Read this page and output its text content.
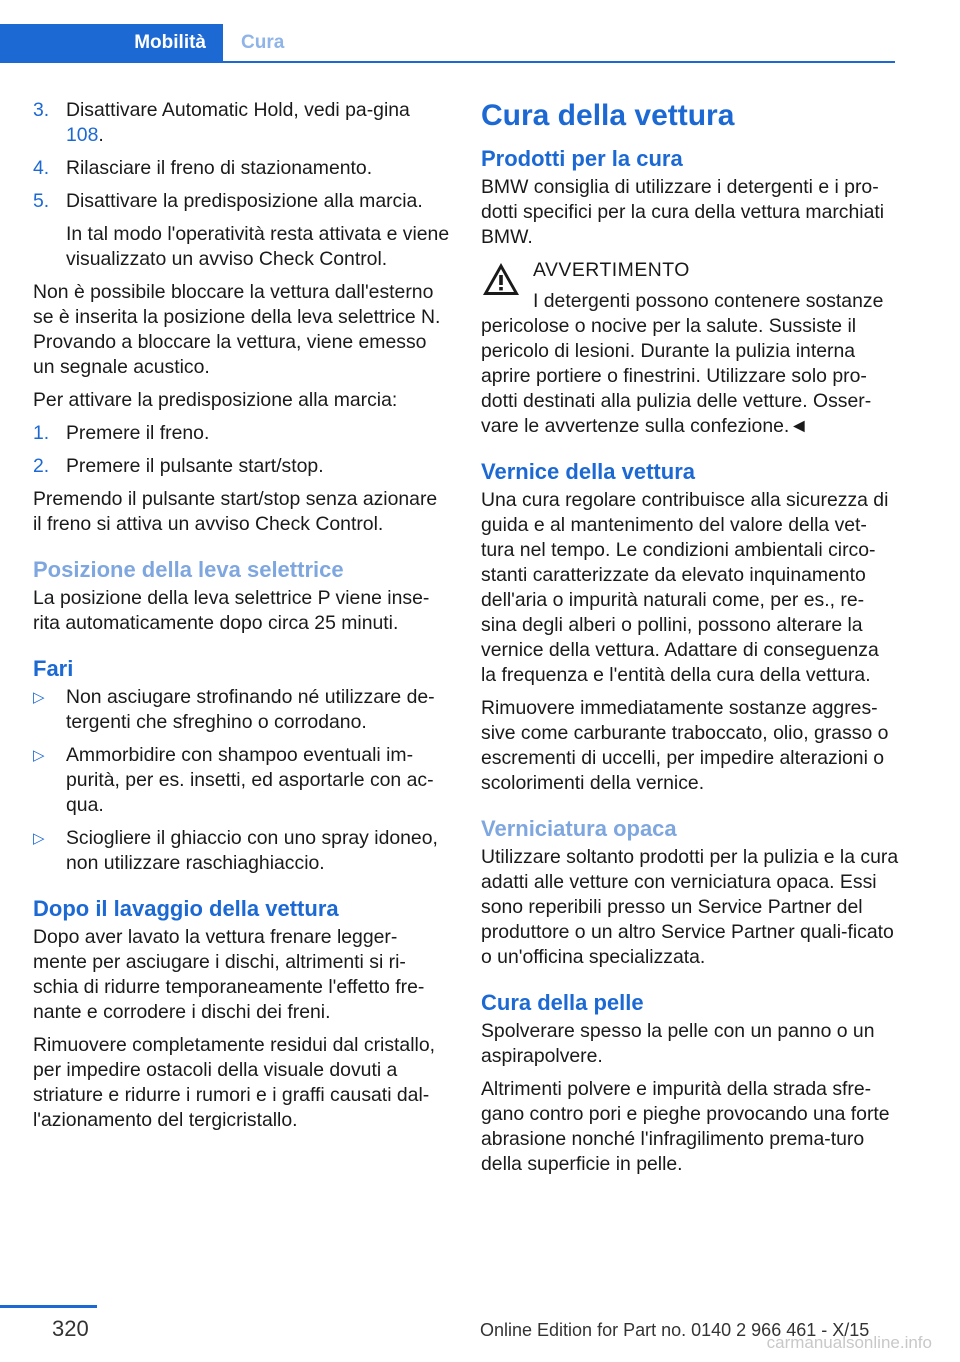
Mobilità	Cura
3. Disattivare Automatic Hold, vedi pa-gina 108.
4. Rilasciare il freno di stazionamento.
5. Disattivare la predisposizione alla marcia.
In tal modo l'operatività resta attivata e viene visualizzato un avviso Check Control.

Non è possibile bloccare la vettura dall'esterno se è inserita la posizione della leva selettrice N. Provando a bloccare la vettura, viene emesso un segnale acustico.

Per attivare la predisposizione alla marcia:

1. Premere il freno.
2. Premere il pulsante start/stop.

Premendo il pulsante start/stop senza azionare il freno si attiva un avviso Check Control.

Posizione della leva selettrice

La posizione della leva selettrice P viene inse-rita automaticamente dopo circa 25 minuti.

Fari
▷ Non asciugare strofinando né utilizzare de-tergenti che sfreghino o corrodano.
▷ Ammorbidire con shampoo eventuali im-purità, per es. insetti, ed asportarle con ac-qua.
▷ Sciogliere il ghiaccio con uno spray idoneo, non utilizzare raschiaghiaccio.
Dopo il lavaggio della vettura

Dopo aver lavato la vettura frenare legger-mente per asciugare i dischi, altrimenti si ri-schia di ridurre temporaneamente l'effetto fre-nante e corrodere i dischi dei freni.

Rimuovere completamente residui dal cristallo, per impedire ostacoli della visuale dovuti a striature e ridurre i rumori e i graffi causati dal-l'azionamento del tergicristallo.

Cura della vettura
Prodotti per la cura

BMW consiglia di utilizzare i detergenti e i pro-dotti specifici per la cura della vettura marchiati BMW.

AVVERTIMENTO
I detergenti possono contenere sostanze

pericolose o nocive per la salute. Sussiste il pericolo di lesioni. Durante la pulizia interna aprire portiere o finestrini. Utilizzare solo pro-dotti destinati alla pulizia delle vetture. Osser-vare le avvertenze sulla confezione.◄

Vernice della vettura

Una cura regolare contribuisce alla sicurezza di guida e al mantenimento del valore della vet-tura nel tempo. Le condizioni ambientali circo-stanti caratterizzate da elevato inquinamento dell'aria o impurità naturali come, per es., re-sina degli alberi o pollini, possono alterare la vernice della vettura. Adattare di conseguenza la frequenza e l'entità della cura della vettura.

Rimuovere immediatamente sostanze aggres-sive come carburante traboccato, olio, grasso o escrementi di uccelli, per impedire alterazioni o scolorimenti della vernice.

Verniciatura opaca

Utilizzare soltanto prodotti per la pulizia e la cura adatti alle vetture con verniciatura opaca. Essi sono reperibili presso un Service Partner del produttore o un altro Service Partner quali-ficato o un'officina specializzata.

Cura della pelle

Spolverare spesso la pelle con un panno o un aspirapolvere.

Altrimenti polvere e impurità della strada sfre-gano contro pori e pieghe provocando una forte abrasione nonché l'infragilimento prema-turo della superficie in pelle.

320	Online Edition for Part no. 0140 2 966 461 - X/15
carmanualsonline.info
